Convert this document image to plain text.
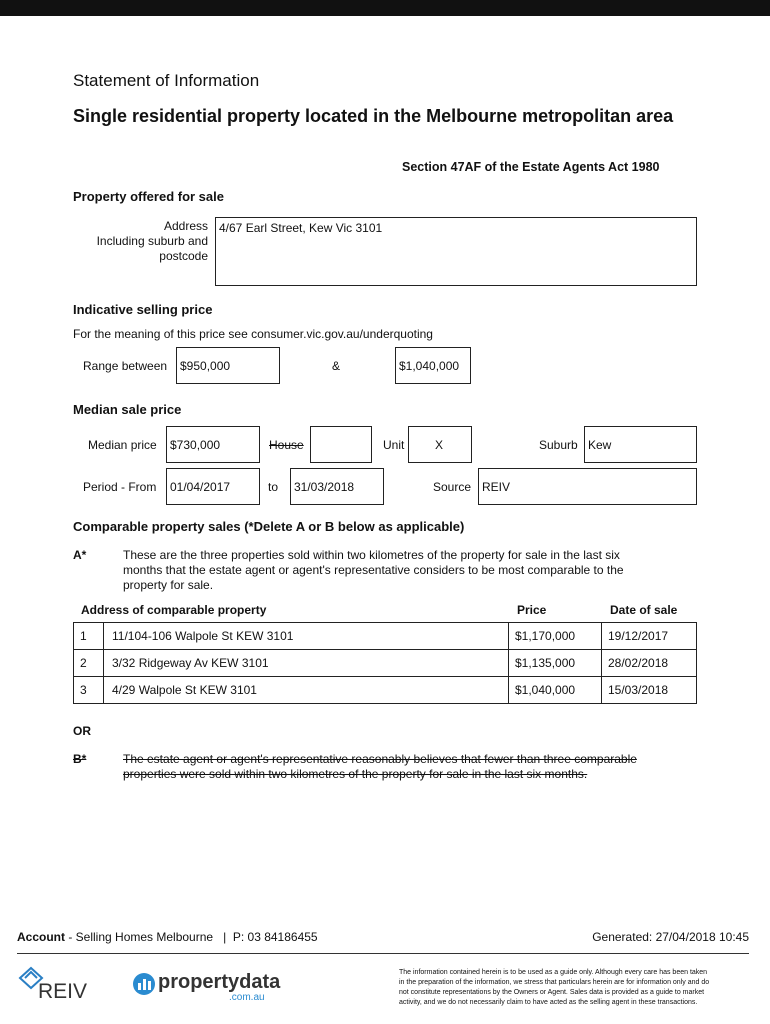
Statement of Information
Single residential property located in the Melbourne metropolitan area
Section 47AF of the Estate Agents Act 1980
Property offered for sale
Address
Including suburb and
postcode
4/67 Earl Street, Kew Vic 3101
Indicative selling price
For the meaning of this price see consumer.vic.gov.au/underquoting
Range between	$950,000	&	$1,040,000
Median sale price
Median price	$730,000	House	Unit	X	Suburb Kew
Period - From	01/04/2017	to	31/03/2018	Source REIV
Comparable property sales (*Delete A or B below as applicable)
A*	These are the three properties sold within two kilometres of the property for sale in the last six
months that the estate agent or agent's representative considers to be most comparable to the
property for sale.
Address of comparable property	Price	Date of sale
1	11/104-106 Walpole St KEW 3101	$1,170,000	19/12/2017
2	3/32 Ridgeway Av KEW 3101	$1,135,000	28/02/2018
3	4/29 Walpole St KEW 3101	$1,040,000	15/03/2018
OR
B*	The estate agent or agent's representative reasonably believes that fewer than three comparable
properties were sold within two kilometres of the property for sale in the last six months.
Account - Selling Homes Melbourne   |  P: 03 84186455	Generated: 27/04/2018 10:45
REIV	propertydata
.com.au
The information contained herein is to be used as a guide only. Although every care has been taken
in the preparation of the information, we stress that particulars herein are for information only and do
not constitute representations by the Owners or Agent. Sales data is provided as a guide to market
activity, and we do not necessarily claim to have acted as the selling agent in these transactions.
